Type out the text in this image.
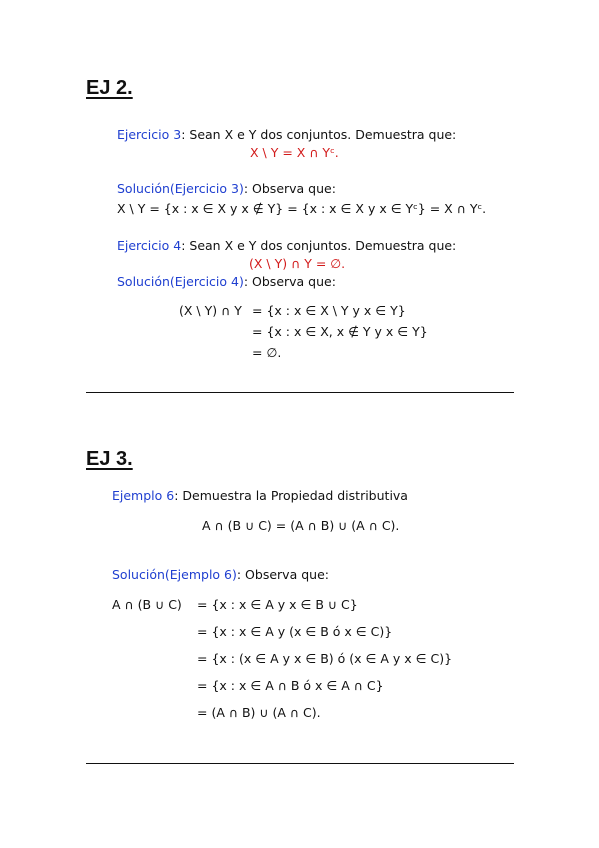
EJ 2.
Ejercicio 3: Sean X e Y dos conjuntos. Demuestra que:
X \ Y = X ∩ Yᶜ.
Solución(Ejercicio 3): Observa que:
X \ Y = {x : x ∈ X y x ∉ Y} = {x : x ∈ X y x ∈ Yᶜ} = X ∩ Yᶜ.
Ejercicio 4: Sean X e Y dos conjuntos. Demuestra que:
(X \ Y) ∩ Y = ∅.
Solución(Ejercicio 4): Observa que:
(X \ Y) ∩ Y = {x : x ∈ X \ Y y x ∈ Y}
= {x : x ∈ X, x ∉ Y y x ∈ Y}
= ∅.
EJ 3.
Ejemplo 6: Demuestra la Propiedad distributiva
A ∩ (B ∪ C) = (A ∩ B) ∪ (A ∩ C).
Solución(Ejemplo 6): Observa que:
A ∩ (B ∪ C) = {x : x ∈ A y x ∈ B ∪ C}
= {x : x ∈ A y (x ∈ B ó x ∈ C)}
= {x : (x ∈ A y x ∈ B) ó (x ∈ A y x ∈ C)}
= {x : x ∈ A ∩ B ó x ∈ A ∩ C}
= (A ∩ B) ∪ (A ∩ C).
